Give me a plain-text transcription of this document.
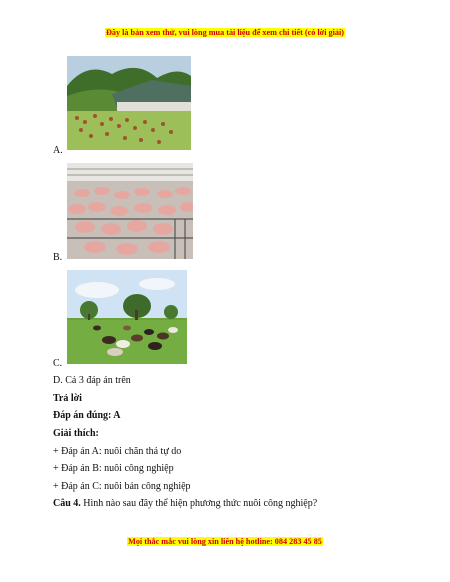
Đây là bản xem thử, vui lòng mua tài liệu để xem chi tiết (có lời giải)
A.
B.
C.
D. Cả 3 đáp án trên
Trả lời
Đáp án đúng: A
Giải thích:
+ Đáp án A: nuôi chăn thả tự do
+ Đáp án B: nuôi công nghiệp
+ Đáp án C: nuôi bán công nghiệp
Câu 4. Hình nào sau đây thể hiện phương thức nuôi công nghiệp?
Mọi thắc mắc vui lòng xin liên hệ hotline: 084 283 45 85
